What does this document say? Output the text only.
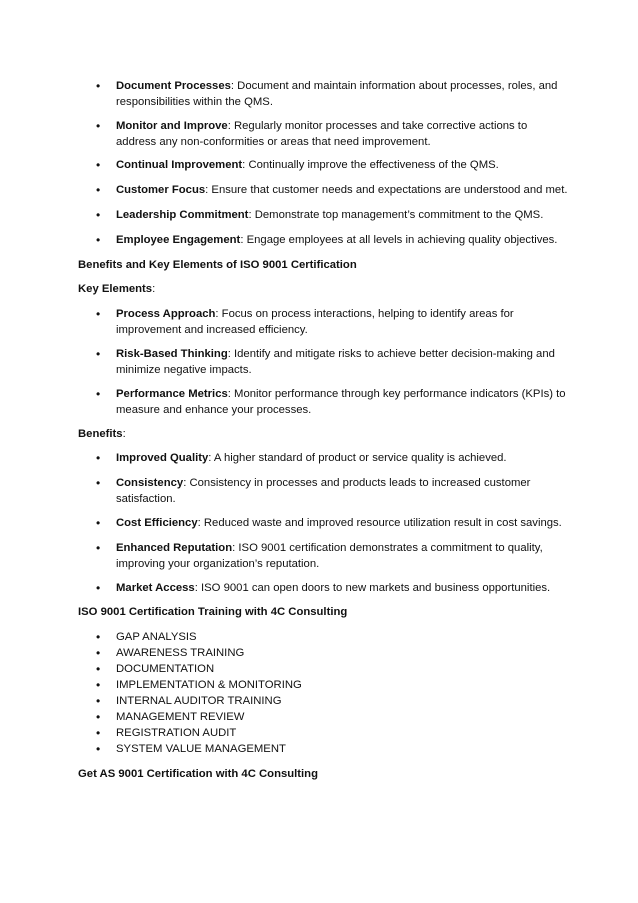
• Document Processes: Document and maintain information about processes, roles, and responsibilities within the QMS.
• Monitor and Improve: Regularly monitor processes and take corrective actions to address any non-conformities or areas that need improvement.
• Continual Improvement: Continually improve the effectiveness of the QMS.
• Customer Focus: Ensure that customer needs and expectations are understood and met.
• Leadership Commitment: Demonstrate top management’s commitment to the QMS.
• Employee Engagement: Engage employees at all levels in achieving quality objectives.
Benefits and Key Elements of ISO 9001 Certification
Key Elements:
• Process Approach: Focus on process interactions, helping to identify areas for improvement and increased efficiency.
• Risk-Based Thinking: Identify and mitigate risks to achieve better decision-making and minimize negative impacts.
• Performance Metrics: Monitor performance through key performance indicators (KPIs) to measure and enhance your processes.
Benefits:
• Improved Quality: A higher standard of product or service quality is achieved.
• Consistency: Consistency in processes and products leads to increased customer satisfaction.
• Cost Efficiency: Reduced waste and improved resource utilization result in cost savings.
• Enhanced Reputation: ISO 9001 certification demonstrates a commitment to quality, improving your organization’s reputation.
• Market Access: ISO 9001 can open doors to new markets and business opportunities.
ISO 9001 Certification Training with 4C Consulting
• GAP ANALYSIS
• AWARENESS TRAINING
• DOCUMENTATION
• IMPLEMENTATION & MONITORING
• INTERNAL AUDITOR TRAINING
• MANAGEMENT REVIEW
• REGISTRATION AUDIT
• SYSTEM VALUE MANAGEMENT
Get AS 9001 Certification with 4C Consulting
